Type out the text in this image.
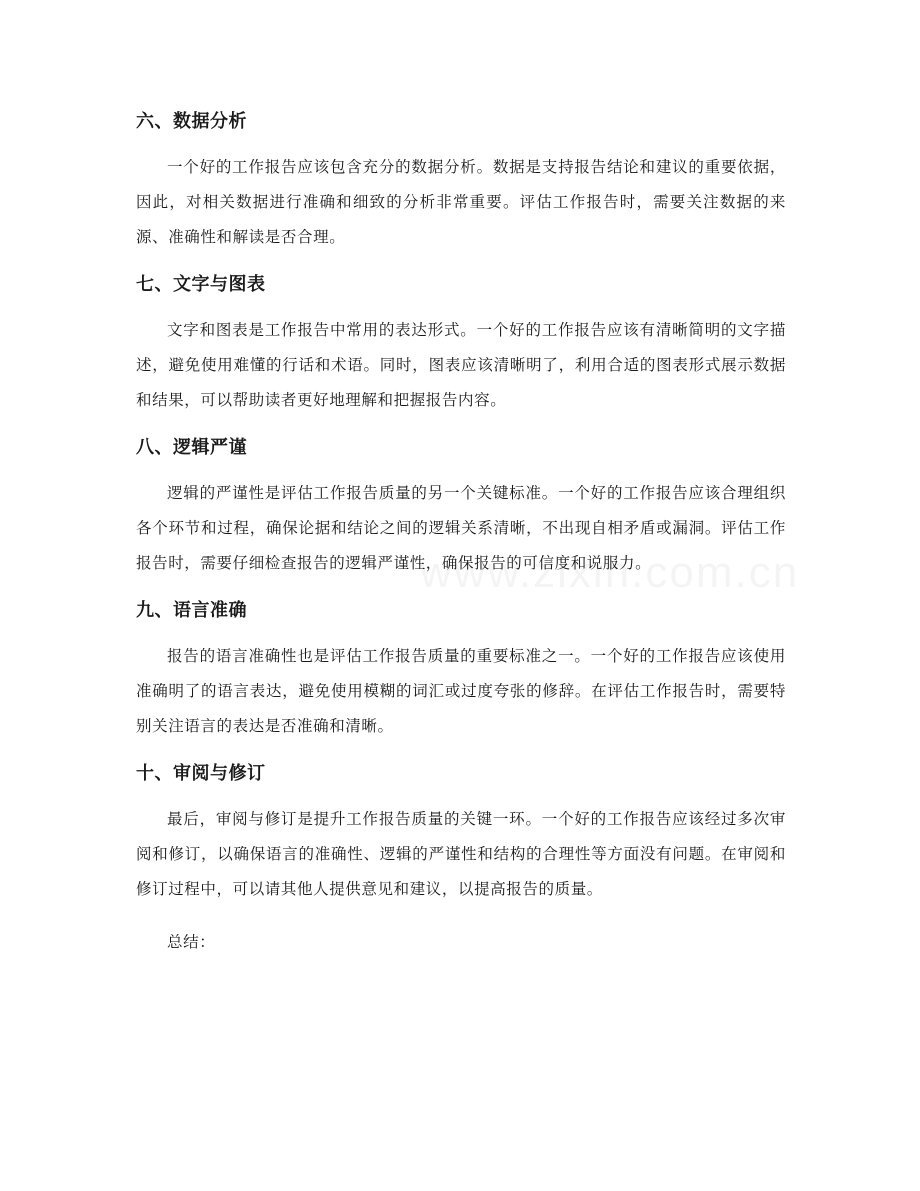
六、数据分析

一个好的工作报告应该包含充分的数据分析。数据是支持报告结论和建议的重要依据，因此，对相关数据进行准确和细致的分析非常重要。评估工作报告时，需要关注数据的来源、准确性和解读是否合理。

七、文字与图表

文字和图表是工作报告中常用的表达形式。一个好的工作报告应该有清晰简明的文字描述，避免使用难懂的行话和术语。同时，图表应该清晰明了，利用合适的图表形式展示数据和结果，可以帮助读者更好地理解和把握报告内容。

八、逻辑严谨

逻辑的严谨性是评估工作报告质量的另一个关键标准。一个好的工作报告应该合理组织各个环节和过程，确保论据和结论之间的逻辑关系清晰，不出现自相矛盾或漏洞。评估工作报告时，需要仔细检查报告的逻辑严谨性，确保报告的可信度和说服力。

九、语言准确

报告的语言准确性也是评估工作报告质量的重要标准之一。一个好的工作报告应该使用准确明了的语言表达，避免使用模糊的词汇或过度夸张的修辞。在评估工作报告时，需要特别关注语言的表达是否准确和清晰。

十、审阅与修订

最后，审阅与修订是提升工作报告质量的关键一环。一个好的工作报告应该经过多次审阅和修订，以确保语言的准确性、逻辑的严谨性和结构的合理性等方面没有问题。在审阅和修订过程中，可以请其他人提供意见和建议，以提高报告的质量。

总结：
